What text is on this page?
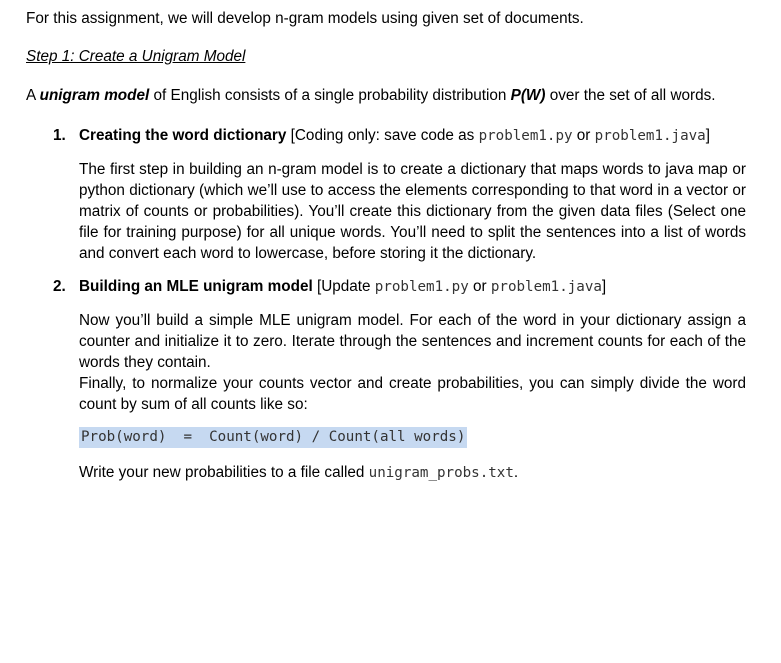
For this assignment, we will develop n-gram models using given set of documents.

Step 1: Create a Unigram Model

A unigram model of English consists of a single probability distribution P(W) over the set of all words.

1. Creating the word dictionary [Coding only: save code as problem1.py or problem1.java]

The first step in building an n-gram model is to create a dictionary that maps words to java map or python dictionary (which we’ll use to access the elements corresponding to that word in a vector or matrix of counts or probabilities). You’ll create this dictionary from the given data files (Select one file for training purpose) for all unique words. You’ll need to split the sentences into a list of words and convert each word to lowercase, before storing it the dictionary.

2. Building an MLE unigram model [Update problem1.py or problem1.java]

Now you’ll build a simple MLE unigram model. For each of the word in your dictionary assign a counter and initialize it to zero. Iterate through the sentences and increment counts for each of the words they contain.

Finally, to normalize your counts vector and create probabilities, you can simply divide the word count by sum of all counts like so:

Prob(word)  =  Count(word) / Count(all words)

Write your new probabilities to a file called unigram_probs.txt.
